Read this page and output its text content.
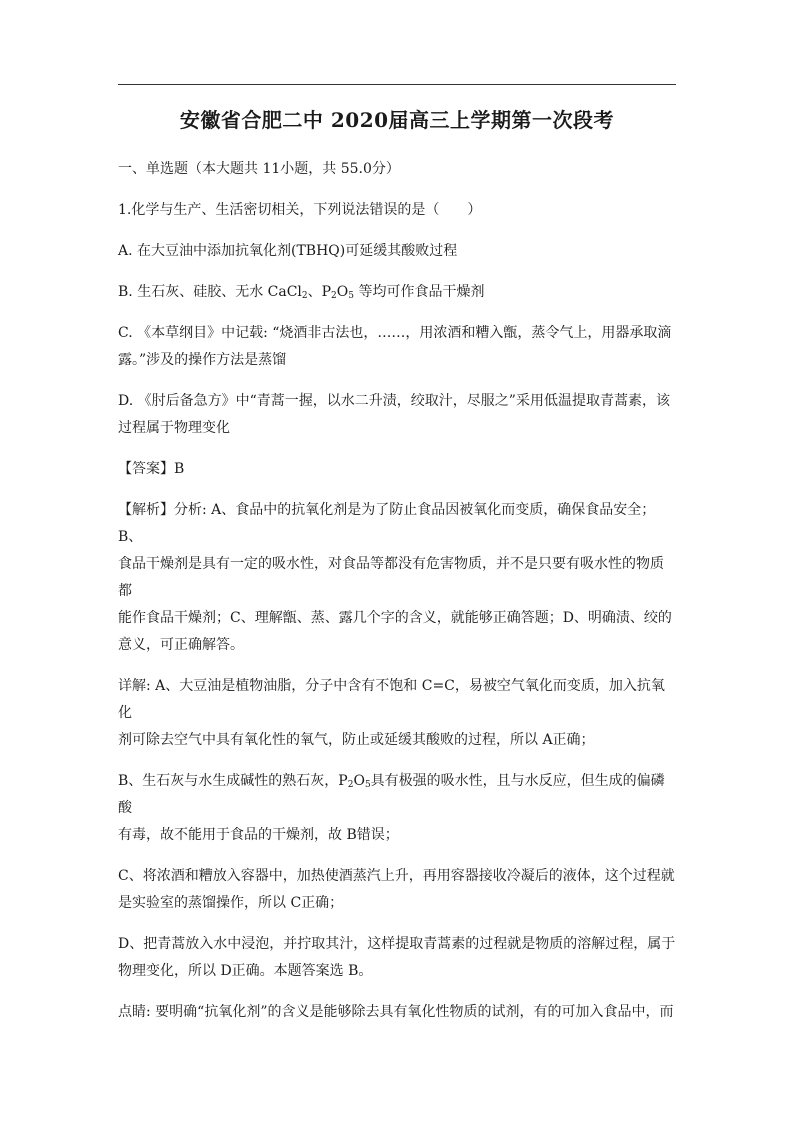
安徽省合肥二中 2020届高三上学期第一次段考

一、单选题（本大题共 11小题，共 55.0分）

1.化学与生产、生活密切相关，下列说法错误的是（　　）

A. 在大豆油中添加抗氧化剂(TBHQ)可延缓其酸败过程

B. 生石灰、硅胶、无水 CaCl$_2$、$P_2O_5$ 等均可作食品干燥剂

C. 《本草纲目》中记载: “烧酒非古法也，……，用浓酒和糟入甑，蒸令气上，用器承取滴

露。”涉及的操作方法是蒸馏

D. 《肘后备急方》中“青蒿一握，以水二升渍，绞取汁，尽服之”采用低温提取青蒿素，该

过程属于物理变化

【答案】B

【解析】分析: A、食品中的抗氧化剂是为了防止食品因被氧化而变质，确保食品安全；B、

食品干燥剂是具有一定的吸水性，对食品等都没有危害物质，并不是只要有吸水性的物质都

能作食品干燥剂；C、理解甑、蒸、露几个字的含义，就能够正确答题；D、明确渍、绞的

意义，可正确解答。

详解: A、大豆油是植物油脂，分子中含有不饱和 C=C，易被空气氧化而变质，加入抗氧化

剂可除去空气中具有氧化性的氧气，防止或延缓其酸败的过程，所以 A正确；

B、生石灰与水生成碱性的熟石灰，$P_2O_5$具有极强的吸水性，且与水反应，但生成的偏磷酸

有毒，故不能用于食品的干燥剂，故 B错误；

C、将浓酒和糟放入容器中，加热使酒蒸汽上升，再用容器接收冷凝后的液体，这个过程就

是实验室的蒸馏操作，所以 C正确；

D、把青蒿放入水中浸泡，并拧取其汁，这样提取青蒿素的过程就是物质的溶解过程，属于

物理变化，所以 D正确。本题答案选 B。

点睛: 要明确“抗氧化剂”的含义是能够除去具有氧化性物质的试剂，有的可加入食品中，而
